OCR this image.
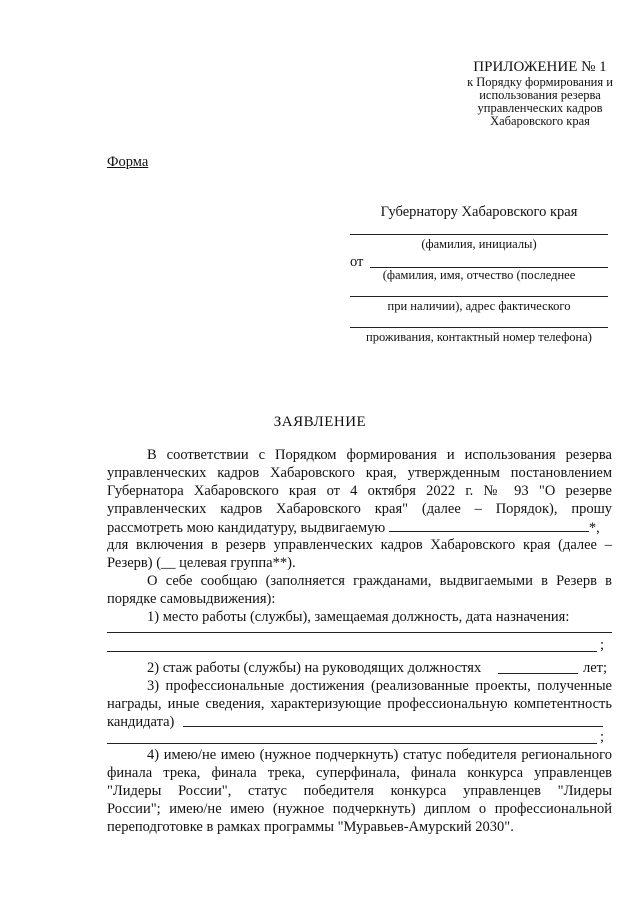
ПРИЛОЖЕНИЕ № 1
к Порядку формирования и
использования резерва
управленческих кадров
Хабаровского края
Форма
Губернатору Хабаровского края
(фамилия, инициалы)
от
(фамилия, имя, отчество (последнее
при наличии), адрес фактического
проживания, контактный номер телефона)
ЗАЯВЛЕНИЕ
В соответствии с Порядком формирования и использования резерва
управленческих кадров Хабаровского края, утвержденным постановлением
Губернатора Хабаровского края от 4 октября 2022 г. № 93 "О резерве
управленческих кадров Хабаровского края" (далее – Порядок), прошу
рассмотреть мою кандидатуру, выдвигаемую	*,
для включения в резерв управленческих кадров Хабаровского края (далее –
Резерв) (__ целевая группа**).
О себе сообщаю (заполняется гражданами, выдвигаемыми в Резерв в
порядке самовыдвижения):
1) место работы (службы), замещаемая должность, дата назначения:
;
2) стаж работы (службы) на руководящих должностях	лет;
3) профессиональные достижения (реализованные проекты, полученные
награды, иные сведения, характеризующие профессиональную компетентность
кандидата)
;
4) имею/не имею (нужное подчеркнуть) статус победителя регионального
финала трека, финала трека, суперфинала, финала конкурса управленцев
"Лидеры России", статус победителя конкурса управленцев "Лидеры
России"; имею/не имею (нужное подчеркнуть) диплом о профессиональной
переподготовке в рамках программы "Муравьев-Амурский 2030".
